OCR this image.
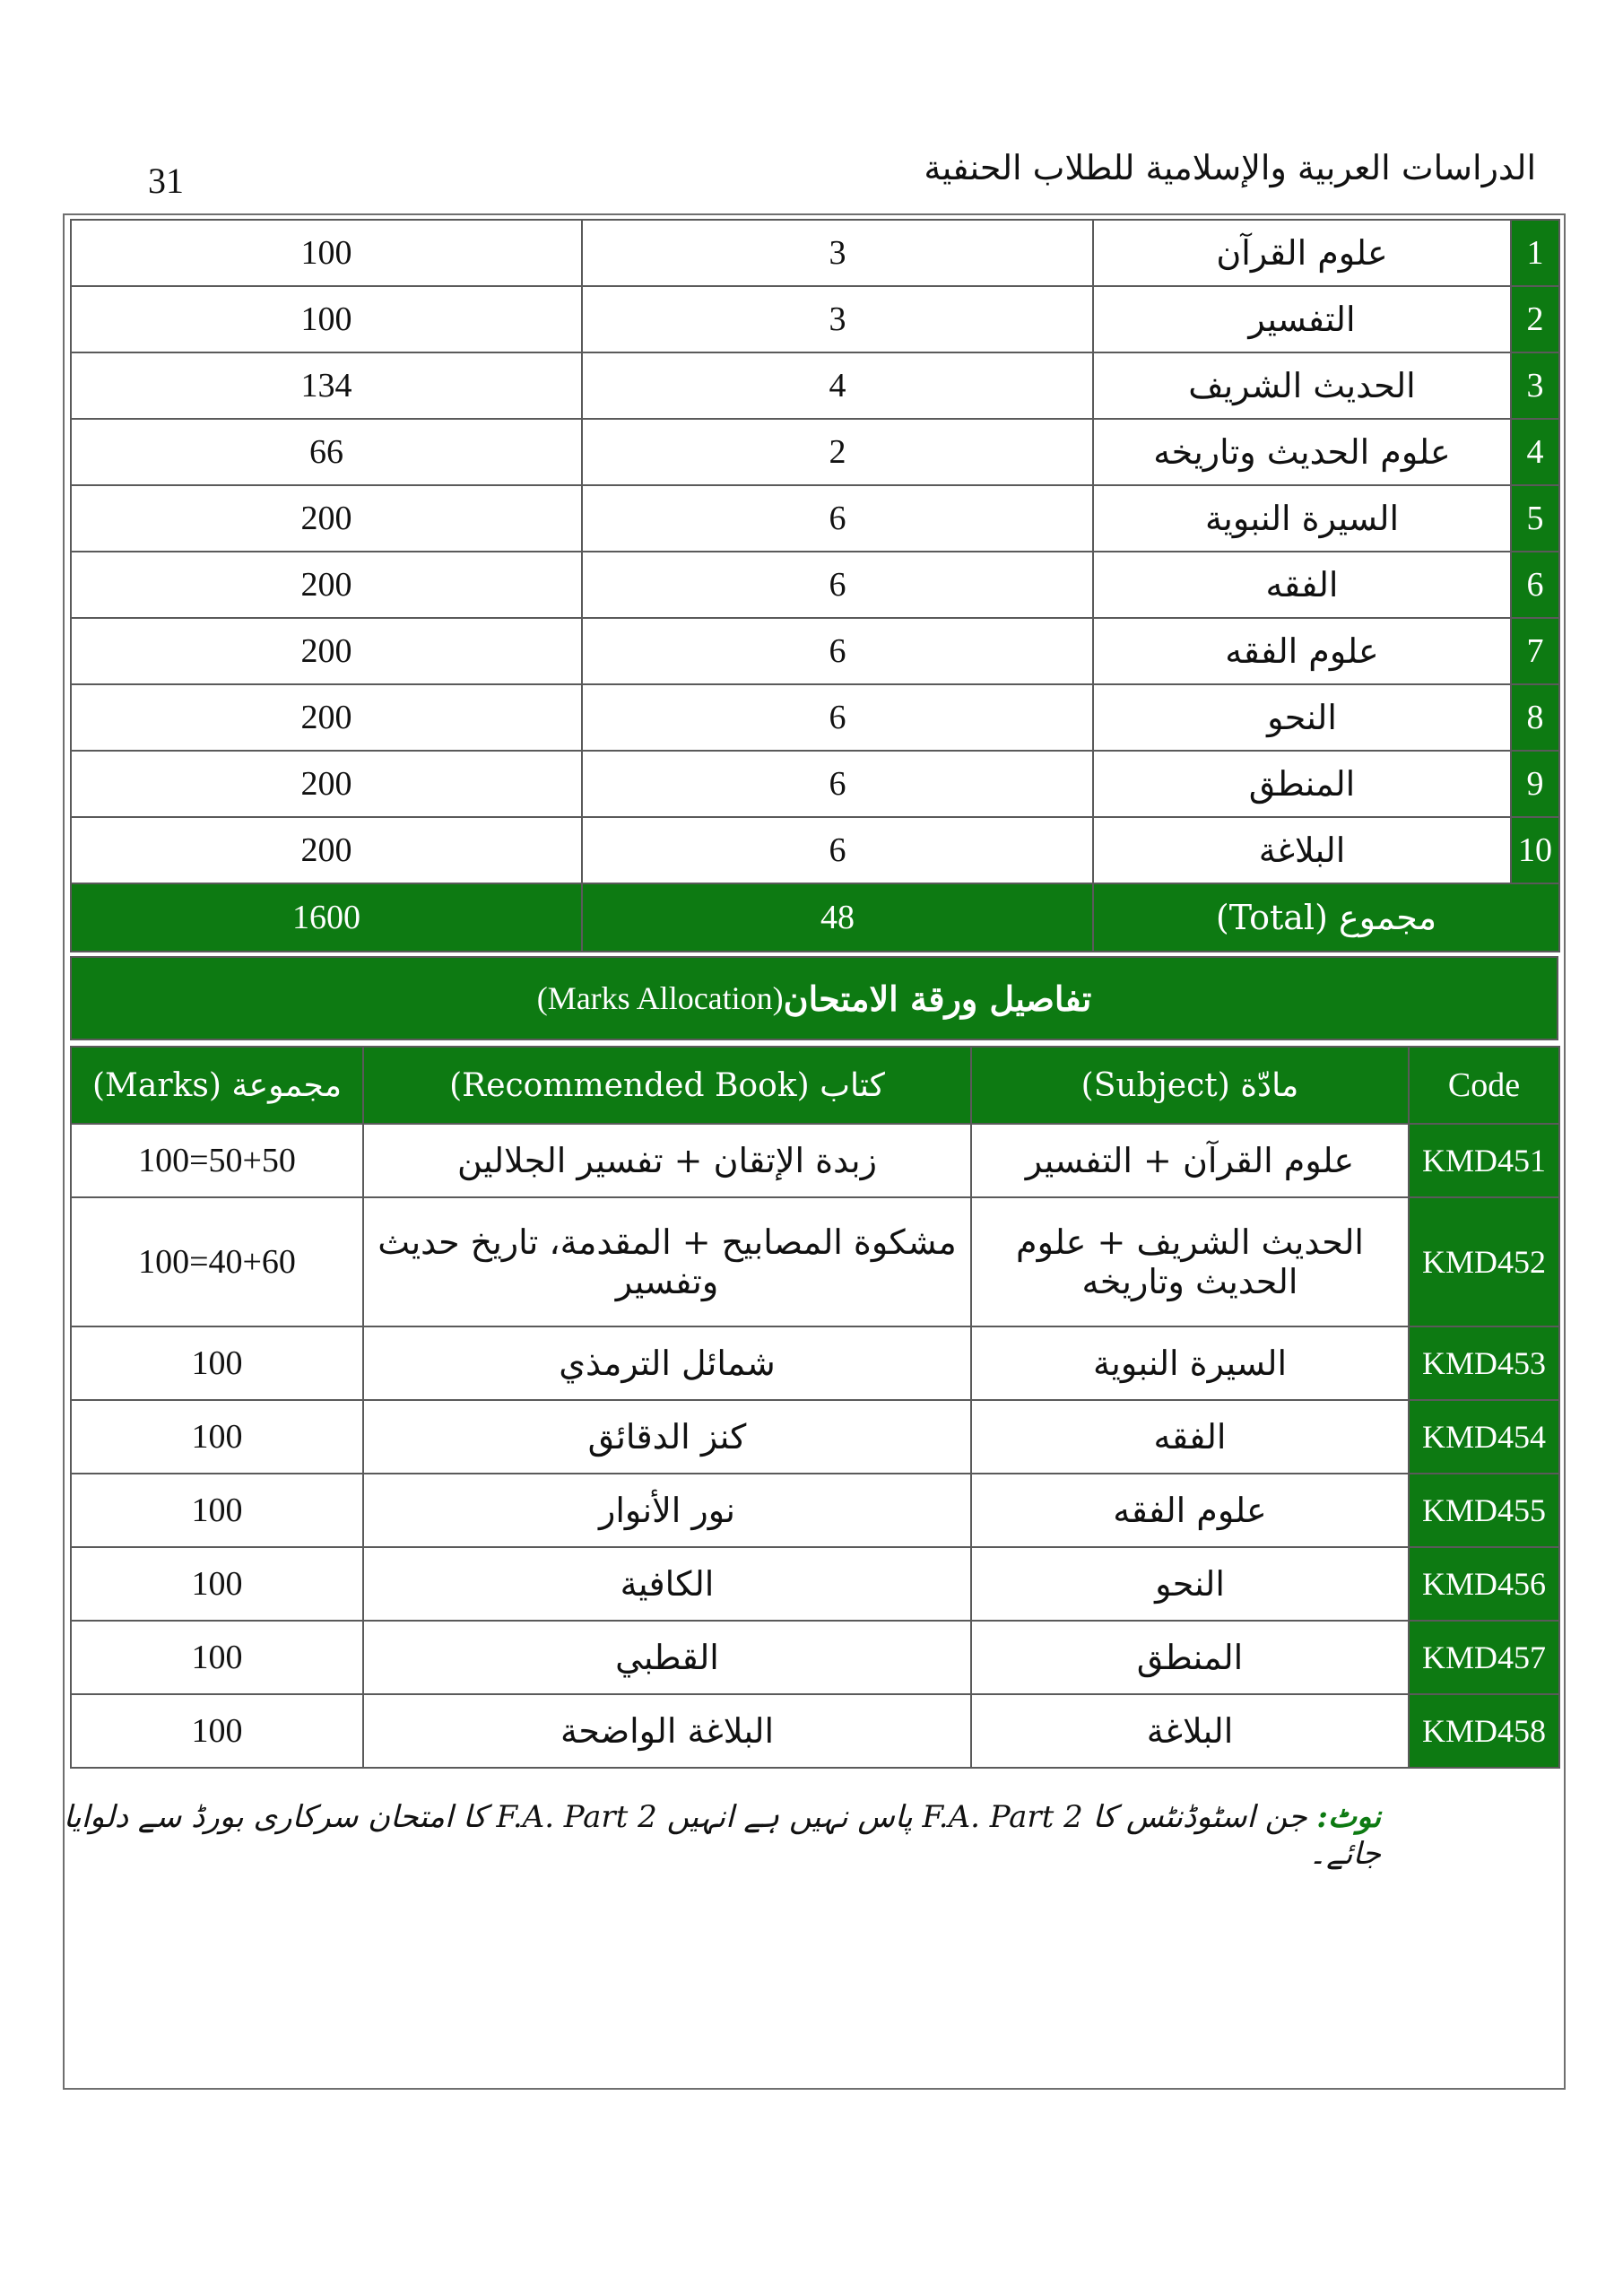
31	الدراسات العربية والإسلامية للطلاب الحنفية
100	3	علوم القرآن	1
100	3	التفسير	2
134	4	الحديث الشريف	3
66	2	علوم الحديث وتاريخه	4
200	6	السيرة النبوية	5
200	6	الفقه	6
200	6	علوم الفقه	7
200	6	النحو	8
200	6	المنطق	9
200	6	البلاغة	10
1600	48	مجموع (Total)	
تفاصيل ورقة الامتحان
(Marks Allocation)
مجموعة (Marks)	كتاب (Recommended Book)	مادّة (Subject)	Code
100=50+50	زبدة الإتقان + تفسير الجلالين	علوم القرآن + التفسير	KMD451
100=40+60	مشكوة المصابيح + المقدمة، تاریخ حدیث وتفسیر	الحديث الشريف + علوم الحديث وتاريخه	KMD452
100	شمائل الترمذي	السيرة النبوية	KMD453
100	كنز الدقائق	الفقه	KMD454
100	نور الأنوار	علوم الفقه	KMD455
100	الكافية	النحو	KMD456
100	القطبي	المنطق	KMD457
100	البلاغة الواضحة	البلاغة	KMD458
نوٹ: جن اسٹوڈنٹس کا F.A. Part 2 پاس نہیں ہے انہیں F.A. Part 2 کا امتحان سرکاری بورڈ سے دلوایا جائے۔
